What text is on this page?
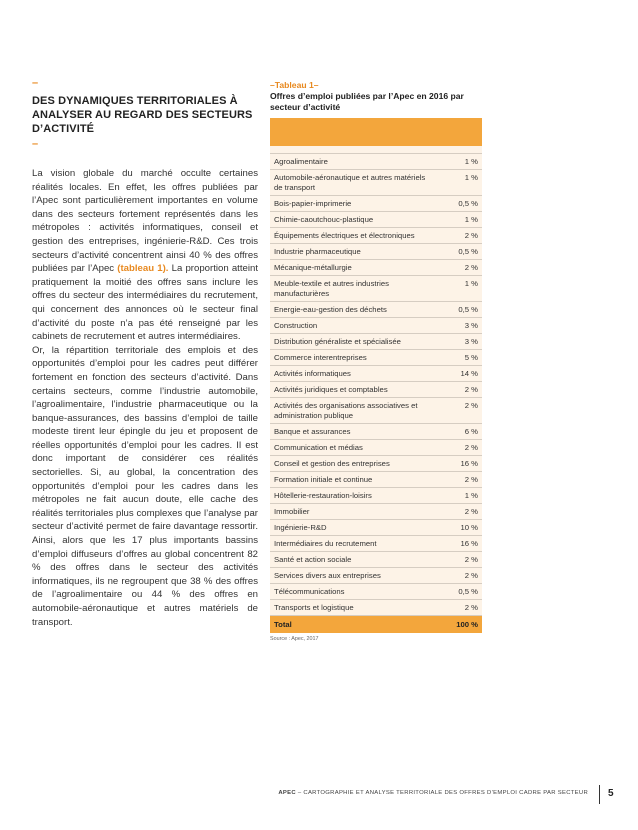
–
DES DYNAMIQUES TERRITORIALES À ANALYSER AU REGARD DES SECTEURS D’ACTIVITÉ
–
La vision globale du marché occulte certaines réalités locales. En effet, les offres publiées par l’Apec sont particulièrement importantes en volume dans des secteurs fortement représentés dans les métropoles : activités informatiques, conseil et gestion des entreprises, ingénierie-R&D. Ces trois secteurs d’activité concentrent ainsi 40 % des offres publiées par l’Apec (tableau 1). La proportion atteint pratiquement la moitié des offres sans inclure les offres du secteur des intermédiaires du recrutement, qui concernent des annonces où le secteur final d’activité du poste n’a pas été renseigné par les cabinets de recrutement et autres intermédiaires.
Or, la répartition territoriale des emplois et des opportunités d’emploi pour les cadres peut différer fortement en fonction des secteurs d’activité. Dans certains secteurs, comme l’industrie automobile, l’agroalimentaire, l’industrie pharmaceutique ou la banque-assurances, des bassins d’emploi de taille modeste tirent leur épingle du jeu et proposent de réelles opportunités d’emploi pour les cadres. Il est donc important de considérer ces réalités sectorielles. Si, au global, la concentration des opportunités d’emploi pour les cadres dans les métropoles ne fait aucun doute, elle cache des réalités territoriales plus complexes que l’analyse par secteur d’activité permet de faire davantage ressortir. Ainsi, alors que les 17 plus importants bassins d’emploi diffuseurs d’offres au global concentrent 82 % des offres dans le secteur des activités informatiques, ils ne regroupent que 38 % des offres de l’agroalimentaire ou 44 % des offres en automobile-aéronautique et autres matériels de transport.
–Tableau 1–
Offres d’emploi publiées par l’Apec en 2016 par secteur d’activité

Agroalimentaire	1 %
Automobile-aéronautique et autres matériels de transport	1 %
Bois-papier-imprimerie	0,5 %
Chimie-caoutchouc-plastique	1 %
Équipements électriques et électroniques	2 %
Industrie pharmaceutique	0,5 %
Mécanique-métallurgie	2 %
Meuble-textile et autres industries manufacturières	1 %
Energie-eau-gestion des déchets	0,5 %
Construction	3 %
Distribution généraliste et spécialisée	3 %
Commerce interentreprises	5 %
Activités informatiques	14 %
Activités juridiques et comptables	2 %
Activités des organisations associatives et administration publique	2 %
Banque et assurances	6 %
Communication et médias	2 %
Conseil et gestion des entreprises	16 %
Formation initiale et continue	2 %
Hôtellerie-restauration-loisirs	1 %
Immobilier	2 %
Ingénierie-R&D	10 %
Intermédiaires du recrutement	16 %
Santé et action sociale	2 %
Services divers aux entreprises	2 %
Télécommunications	0,5 %
Transports et logistique	2 %
Total	100 %
Source : Apec, 2017
APEC – CARTOGRAPHIE ET ANALYSE TERRITORIALE DES OFFRES D’EMPLOI CADRE PAR SECTEUR 5
